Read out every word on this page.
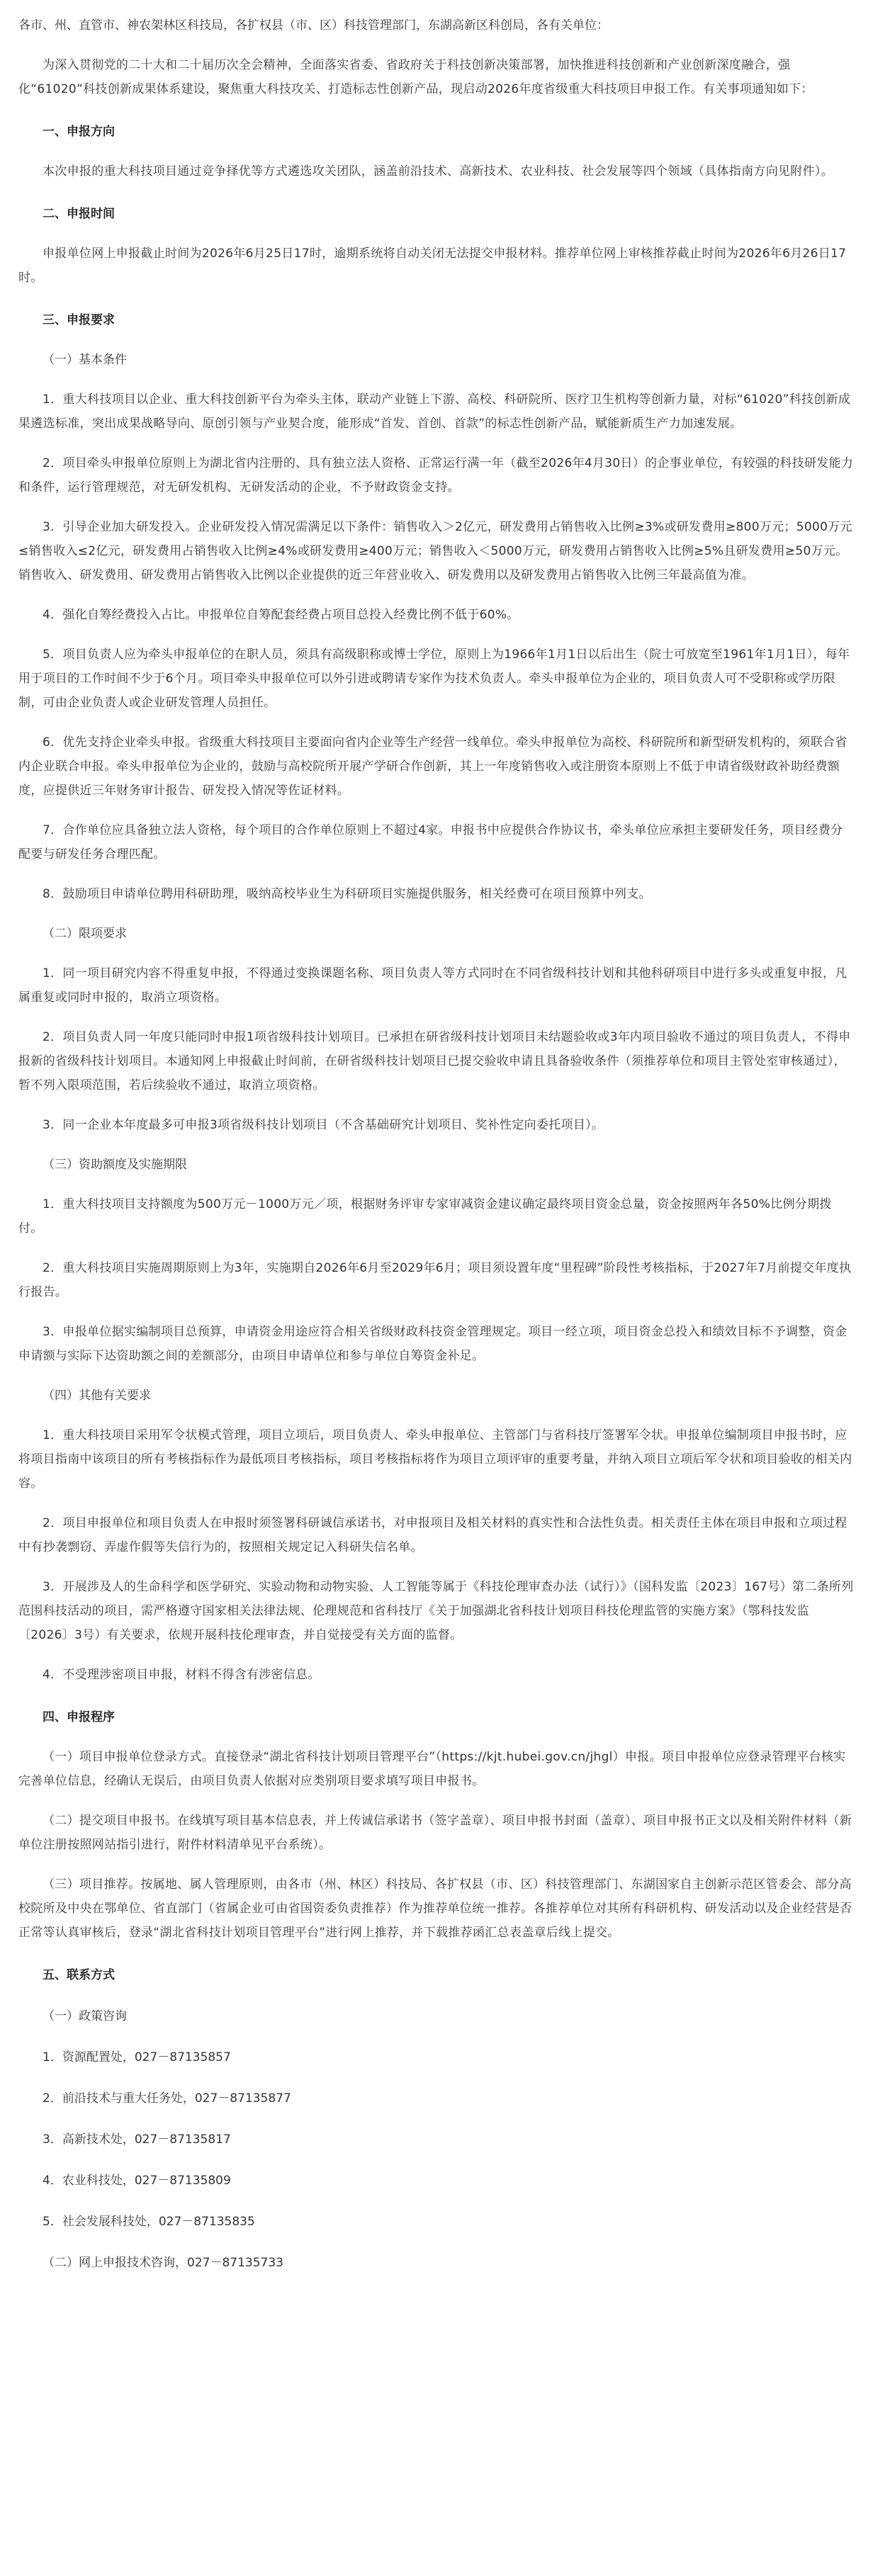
各市、州、直管市、神农架林区科技局，各扩权县（市、区）科技管理部门，东湖高新区科创局，各有关单位：

为深入贯彻党的二十大和二十届历次全会精神，全面落实省委、省政府关于科技创新决策部署，加快推进科技创新和产业创新深度融合，强化“61020”科技创新成果体系建设，聚焦重大科技攻关、打造标志性创新产品，现启动2026年度省级重大科技项目申报工作。有关事项通知如下：

一、申报方向

本次申报的重大科技项目通过竞争择优等方式遴选攻关团队，涵盖前沿技术、高新技术、农业科技、社会发展等四个领域（具体指南方向见附件）。

二、申报时间

申报单位网上申报截止时间为2026年6月25日17时，逾期系统将自动关闭无法提交申报材料。推荐单位网上审核推荐截止时间为2026年6月26日17时。

三、申报要求

（一）基本条件

1．重大科技项目以企业、重大科技创新平台为牵头主体，联动产业链上下游、高校、科研院所、医疗卫生机构等创新力量，对标“61020”科技创新成果遴选标准，突出成果战略导向、原创引领与产业契合度，能形成“首发、首创、首款”的标志性创新产品，赋能新质生产力加速发展。

2．项目牵头申报单位原则上为湖北省内注册的、具有独立法人资格、正常运行满一年（截至2026年4月30日）的企事业单位，有较强的科技研发能力和条件，运行管理规范，对无研发机构、无研发活动的企业，不予财政资金支持。

3．引导企业加大研发投入。企业研发投入情况需满足以下条件：销售收入＞2亿元，研发费用占销售收入比例≥3%或研发费用≥800万元；5000万元≤销售收入≤2亿元，研发费用占销售收入比例≥4%或研发费用≥400万元；销售收入＜5000万元，研发费用占销售收入比例≥5%且研发费用≥50万元。销售收入、研发费用、研发费用占销售收入比例以企业提供的近三年营业收入、研发费用以及研发费用占销售收入比例三年最高值为准。

4．强化自筹经费投入占比。申报单位自筹配套经费占项目总投入经费比例不低于60%。

5．项目负责人应为牵头申报单位的在职人员，须具有高级职称或博士学位，原则上为1966年1月1日以后出生（院士可放宽至1961年1月1日），每年用于项目的工作时间不少于6个月。项目牵头申报单位可以外引进或聘请专家作为技术负责人。牵头申报单位为企业的，项目负责人可不受职称或学历限制，可由企业负责人或企业研发管理人员担任。

6．优先支持企业牵头申报。省级重大科技项目主要面向省内企业等生产经营一线单位。牵头申报单位为高校、科研院所和新型研发机构的，须联合省内企业联合申报。牵头申报单位为企业的，鼓励与高校院所开展产学研合作创新，其上一年度销售收入或注册资本原则上不低于申请省级财政补助经费额度，应提供近三年财务审计报告、研发投入情况等佐证材料。

7．合作单位应具备独立法人资格，每个项目的合作单位原则上不超过4家。申报书中应提供合作协议书，牵头单位应承担主要研发任务，项目经费分配要与研发任务合理匹配。

8．鼓励项目申请单位聘用科研助理，吸纳高校毕业生为科研项目实施提供服务，相关经费可在项目预算中列支。

（二）限项要求

1．同一项目研究内容不得重复申报，不得通过变换课题名称、项目负责人等方式同时在不同省级科技计划和其他科研项目中进行多头或重复申报，凡属重复或同时申报的，取消立项资格。

2．项目负责人同一年度只能同时申报1项省级科技计划项目。已承担在研省级科技计划项目未结题验收或3年内项目验收不通过的项目负责人，不得申报新的省级科技计划项目。本通知网上申报截止时间前，在研省级科技计划项目已提交验收申请且具备验收条件（须推荐单位和项目主管处室审核通过），暂不列入限项范围，若后续验收不通过，取消立项资格。

3．同一企业本年度最多可申报3项省级科技计划项目（不含基础研究计划项目、奖补性定向委托项目）。

（三）资助额度及实施期限

1．重大科技项目支持额度为500万元－1000万元／项，根据财务评审专家审减资金建议确定最终项目资金总量，资金按照两年各50%比例分期拨付。

2．重大科技项目实施周期原则上为3年，实施期自2026年6月至2029年6月；项目须设置年度“里程碑”阶段性考核指标，于2027年7月前提交年度执行报告。

3．申报单位据实编制项目总预算，申请资金用途应符合相关省级财政科技资金管理规定。项目一经立项，项目资金总投入和绩效目标不予调整，资金申请额与实际下达资助额之间的差额部分，由项目申请单位和参与单位自筹资金补足。

（四）其他有关要求

1．重大科技项目采用军令状模式管理，项目立项后，项目负责人、牵头申报单位、主管部门与省科技厅签署军令状。申报单位编制项目申报书时，应将项目指南中该项目的所有考核指标作为最低项目考核指标，项目考核指标将作为项目立项评审的重要考量，并纳入项目立项后军令状和项目验收的相关内容。

2．项目申报单位和项目负责人在申报时须签署科研诚信承诺书，对申报项目及相关材料的真实性和合法性负责。相关责任主体在项目申报和立项过程中有抄袭剽窃、弄虚作假等失信行为的，按照相关规定记入科研失信名单。

3．开展涉及人的生命科学和医学研究、实验动物和动物实验、人工智能等属于《科技伦理审查办法（试行）》（国科发监〔2023〕167号）第二条所列范围科技活动的项目，需严格遵守国家相关法律法规、伦理规范和省科技厅《关于加强湖北省科技计划项目科技伦理监管的实施方案》（鄂科技发监〔2026〕3号）有关要求，依规开展科技伦理审查，并自觉接受有关方面的监督。

4．不受理涉密项目申报，材料不得含有涉密信息。

四、申报程序

（一）项目申报单位登录方式。直接登录“湖北省科技计划项目管理平台”（https://kjt.hubei.gov.cn/jhgl）申报。项目申报单位应登录管理平台核实完善单位信息，经确认无误后，由项目负责人依据对应类别项目要求填写项目申报书。

（二）提交项目申报书。在线填写项目基本信息表，并上传诚信承诺书（签字盖章）、项目申报书封面（盖章）、项目申报书正文以及相关附件材料（新单位注册按照网站指引进行，附件材料清单见平台系统）。

（三）项目推荐。按属地、属人管理原则，由各市（州、林区）科技局、各扩权县（市、区）科技管理部门、东湖国家自主创新示范区管委会、部分高校院所及中央在鄂单位、省直部门（省属企业可由省国资委负责推荐）作为推荐单位统一推荐。各推荐单位对其所有科研机构、研发活动以及企业经营是否正常等认真审核后，登录“湖北省科技计划项目管理平台”进行网上推荐，并下载推荐函汇总表盖章后线上提交。

五、联系方式

（一）政策咨询

1．资源配置处，027－87135857

2．前沿技术与重大任务处，027－87135877

3．高新技术处，027－87135817

4．农业科技处，027－87135809

5．社会发展科技处，027－87135835

（二）网上申报技术咨询，027－87135733
